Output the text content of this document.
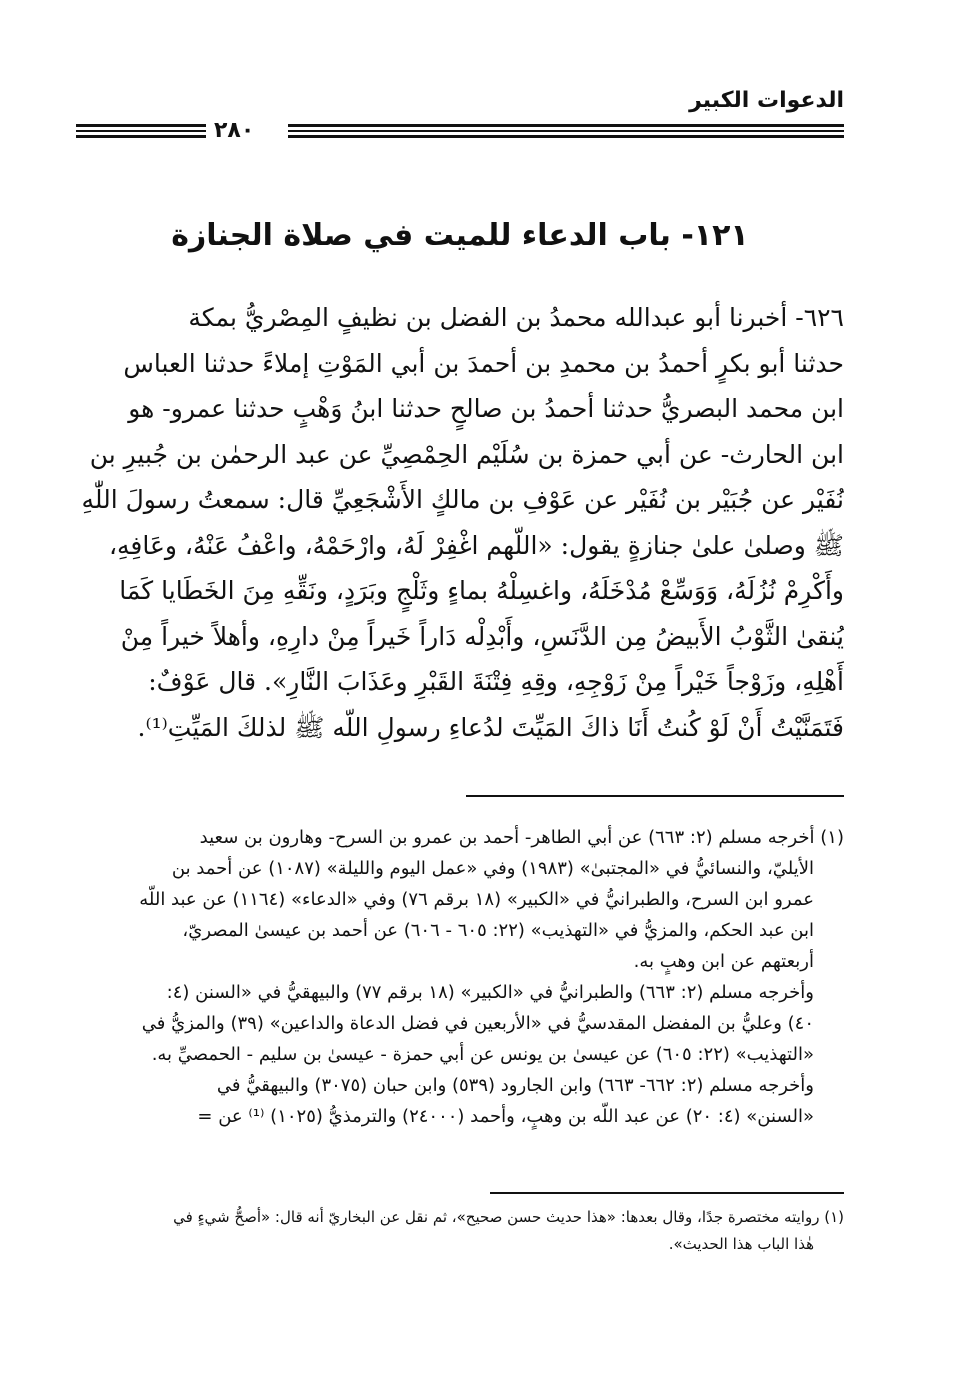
الدعوات الكبير
٢٨٠
١٢١- باب الدعاء للميت في صلاة الجنازة
٦٢٦- أخبرنا أبو عبدالله محمدُ بن الفضل بن نظيفٍ المِصْريُّ بمكة
حدثنا أبو بكرٍ أحمدُ بن محمدِ بن أحمدَ بن أبي المَوْتِ إملاءً حدثنا العباس
ابن محمد البصريُّ حدثنا أحمدُ بن صالحٍ حدثنا ابنُ وَهْبٍ حدثنا عمرو- هو
ابن الحارث- عن أبي حمزة بن سُلَيْم الحِمْصِيِّ عن عبد الرحمٰن بن جُبيرِ بن
نُفَيْر عن جُبَيْر بن نُفَيْر عن عَوْفِ بن مالكٍ الأَشْجَعِيِّ قال: سمعتُ رسولَ اللّٰهِ
ﷺ وصلىٰ علىٰ جنازةٍ يقول: «اللّهم اغْفِرْ لَهُ، وارْحَمْهُ، واعْفُ عَنْهُ، وعَافِهِ،
وأَكْرِمْ نُزُلَهُ، وَوَسِّعْ مُدْخَلَهُ، واغسِلْهُ بماءٍ وثَلْجٍ وبَرَدٍ، ونَقِّهِ مِنَ الخَطَايا كَمَا
يُنقىٰ الثَّوْبُ الأَبيضُ مِن الدَّنَسِ، وأَبْدِلْه دَاراً خَيراً مِنْ دارِهِ، وأهلاً خيراً مِنْ
أَهْلِهِ، وزَوْجاً خَيْراً مِنْ زَوْجِهِ، وقِهِ فِتْنَةَ القَبْرِ وعَذَابَ النَّارِ». قال عَوْفٌ:
فَتَمَنَّيْتُ أَنْ لَوْ كُنتُ أَنَا ذاكَ المَيِّتَ لدُعاءِ رسولِ اللّه ﷺ لذلكَ المَيِّتِ⁽¹⁾.
(١) أخرجه مسلم (٢: ٦٦٣) عن أبي الطاهر- أحمد بن عمرو بن السرح- وهارون بن سعيد
الأيليّ، والنسائيُّ في «المجتبىٰ» (١٩٨٣) وفي «عمل اليوم والليلة» (١٠٨٧) عن أحمد بن
عمرو ابن السرح، والطبرانيُّ في «الكبير» (١٨ برقم ٧٦) وفي «الدعاء» (١١٦٤) عن عبد اللّه
ابن عبد الحكم، والمزيُّ في «التهذيب» (٢٢: ٦٠٥ - ٦٠٦) عن أحمد بن عيسىٰ المصريّ،
أربعتهم عن ابن وهبٍ به.
وأخرجه مسلم (٢: ٦٦٣) والطبرانيُّ في «الكبير» (١٨ برقم ٧٧) والبيهقيُّ في «السنن (٤:
٤٠) وعليُّ بن المفضل المقدسيُّ في «الأربعين في فضل الدعاة والداعين» (٣٩) والمزيُّ في
«التهذيب» (٢٢: ٦٠٥) عن عيسىٰ بن يونس عن أبي حمزة - عيسىٰ بن سليم - الحمصيِّ به.
وأخرجه مسلم (٢: ٦٦٢- ٦٦٣) وابن الجارود (٥٣٩) وابن حبان (٣٠٧٥) والبيهقيُّ في
«السنن» (٤: ٢٠) عن عبد اللّه بن وهبٍ، وأحمد (٢٤٠٠٠) والترمذيُّ (١٠٢٥) ⁽¹⁾ عن =
(١) روايته مختصرة جدًا، وقال بعدها: «هذا حديث حسن صحيح»، ثم نقل عن البخاريّ أنه قال: «أصحُّ شيءٍ في
هٰذا الباب هذا الحديث».
